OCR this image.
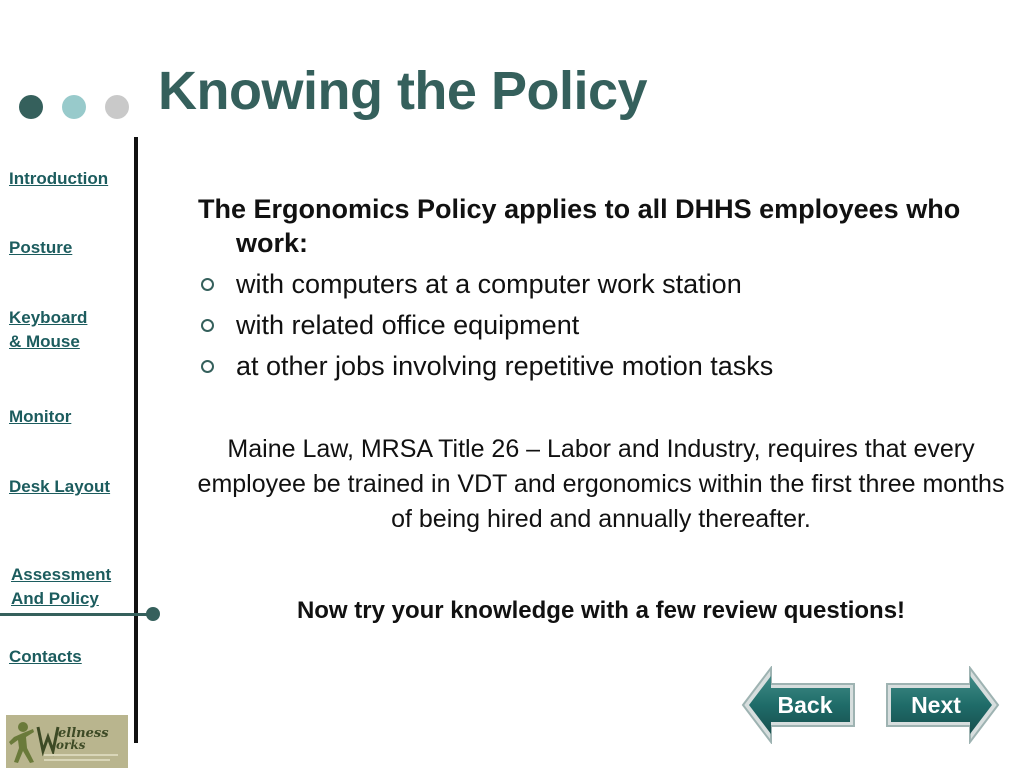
Knowing the Policy
Introduction
Posture
Keyboard
& Mouse
Monitor
Desk Layout
Assessment
And Policy
Contacts
ellness
orks

The Ergonomics Policy applies to all DHHS employees who work:

with computers at a computer work station
with related office equipment
at other jobs involving repetitive motion tasks
Maine Law, MRSA Title 26 – Labor and Industry, requires that every employee be trained in VDT and ergonomics within the first three months of being hired and annually thereafter.
Now try your knowledge with a few review questions!
Back	Next
